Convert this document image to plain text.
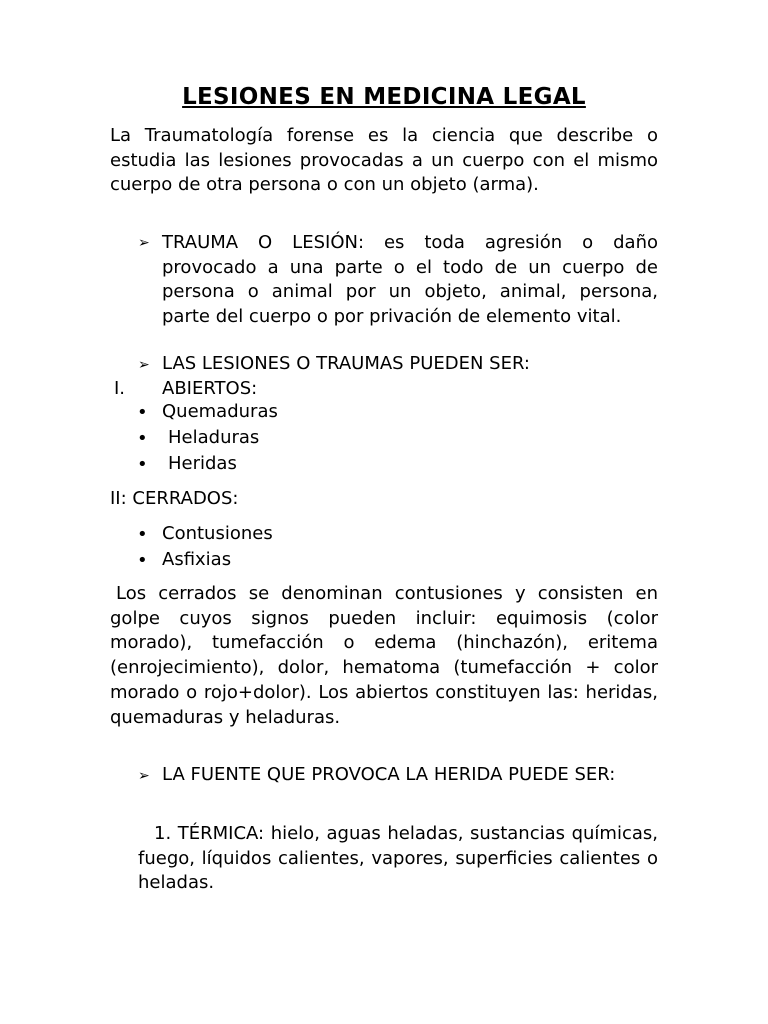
LESIONES EN MEDICINA LEGAL
La Traumatología forense es la ciencia que describe o estudia las lesiones provocadas a un cuerpo con el mismo cuerpo de otra persona o con un objeto (arma).
➢ TRAUMA O LESIÓN: es toda agresión o daño provocado a una parte o el todo de un cuerpo de persona o animal por un objeto, animal, persona, parte del cuerpo o por privación de elemento vital.
➢ LAS LESIONES O TRAUMAS PUEDEN SER:
I. ABIERTOS:
• Quemaduras
• Heladuras
• Heridas
II: CERRADOS:
• Contusiones
• Asfixias
Los cerrados se denominan contusiones y consisten en golpe cuyos signos pueden incluir: equimosis (color morado), tumefacción o edema (hinchazón), eritema (enrojecimiento), dolor, hematoma (tumefacción + color morado o rojo+dolor). Los abiertos constituyen las: heridas, quemaduras y heladuras.
➢ LA FUENTE QUE PROVOCA LA HERIDA PUEDE SER:
1. TÉRMICA: hielo, aguas heladas, sustancias químicas, fuego, líquidos calientes, vapores, superficies calientes o heladas.
